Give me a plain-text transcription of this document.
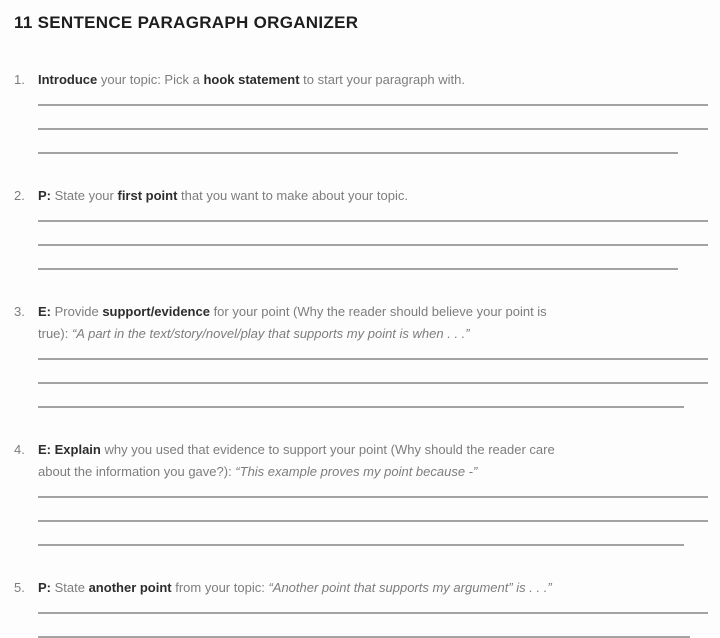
11 SENTENCE PARAGRAPH ORGANIZER
1. Introduce your topic: Pick a hook statement to start your paragraph with.

2. P: State your first point that you want to make about your topic.

3. E: Provide support/evidence for your point (Why the reader should believe your point is
true): “A part in the text/story/novel/play that supports my point is when . . .”

4. E: Explain why you used that evidence to support your point (Why should the reader care
about the information you gave?): “This example proves my point because -”

5. P: State another point from your topic: “Another point that supports my argument” is . . .”
